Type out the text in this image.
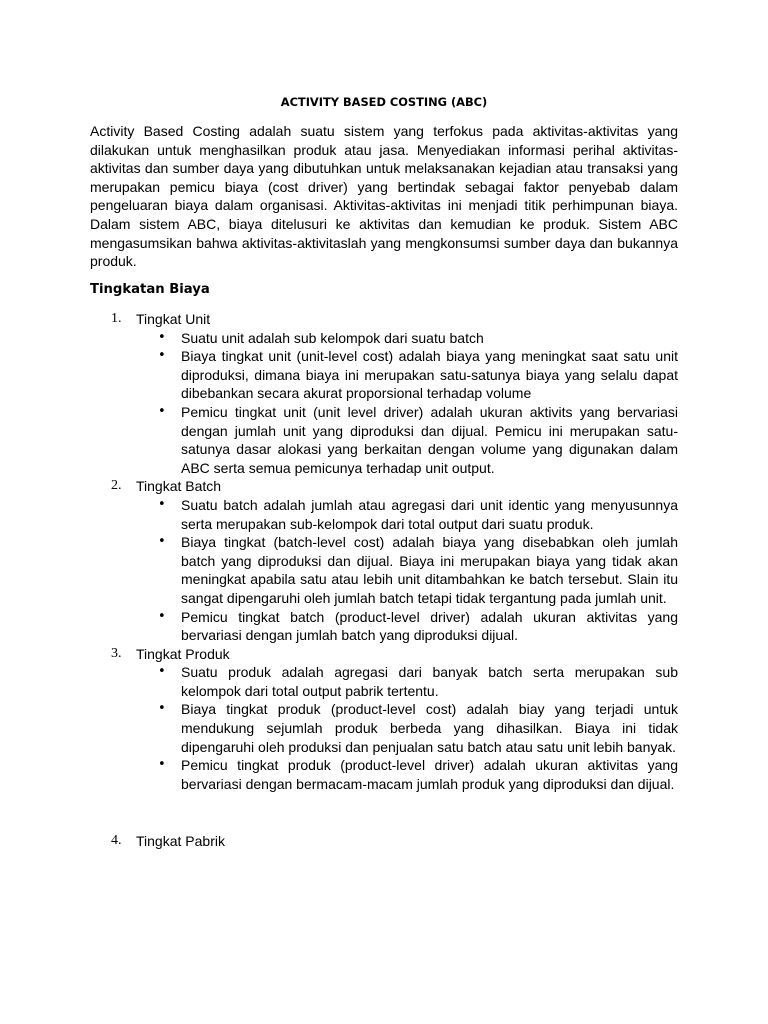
ACTIVITY BASED COSTING (ABC)

Activity Based Costing adalah suatu sistem yang terfokus pada aktivitas-aktivitas yang dilakukan untuk menghasilkan produk atau jasa. Menyediakan informasi perihal aktivitas-aktivitas dan sumber daya yang dibutuhkan untuk melaksanakan kejadian atau transaksi yang merupakan pemicu biaya (cost driver) yang bertindak sebagai faktor penyebab dalam pengeluaran biaya dalam organisasi. Aktivitas-aktivitas ini menjadi titik perhimpunan biaya. Dalam sistem ABC, biaya ditelusuri ke aktivitas dan kemudian ke produk. Sistem ABC mengasumsikan bahwa aktivitas-aktivitaslah yang mengkonsumsi sumber daya dan bukannya produk.

Tingkatan Biaya
1. Tingkat Unit
• Suatu unit adalah sub kelompok dari suatu batch
• Biaya tingkat unit (unit-level cost) adalah biaya yang meningkat saat satu unit diproduksi, dimana biaya ini merupakan satu-satunya biaya yang selalu dapat dibebankan secara akurat proporsional terhadap volume
• Pemicu tingkat unit (unit level driver) adalah ukuran aktivits yang bervariasi dengan jumlah unit yang diproduksi dan dijual. Pemicu ini merupakan satu-satunya dasar alokasi yang berkaitan dengan volume yang digunakan dalam ABC serta semua pemicunya terhadap unit output.
2. Tingkat Batch
• Suatu batch adalah jumlah atau agregasi dari unit identic yang menyusunnya serta merupakan sub-kelompok dari total output dari suatu produk.
• Biaya tingkat (batch-level cost) adalah biaya yang disebabkan oleh jumlah batch yang diproduksi dan dijual. Biaya ini merupakan biaya yang tidak akan meningkat apabila satu atau lebih unit ditambahkan ke batch tersebut. Slain itu sangat dipengaruhi oleh jumlah batch tetapi tidak tergantung pada jumlah unit.
• Pemicu tingkat batch (product-level driver) adalah ukuran aktivitas yang bervariasi dengan jumlah batch yang diproduksi dijual.
3. Tingkat Produk
• Suatu produk adalah agregasi dari banyak batch serta merupakan sub kelompok dari total output pabrik tertentu.
• Biaya tingkat produk (product-level cost) adalah biay yang terjadi untuk mendukung sejumlah produk berbeda yang dihasilkan. Biaya ini tidak dipengaruhi oleh produksi dan penjualan satu batch atau satu unit lebih banyak.
• Pemicu tingkat produk (product-level driver) adalah ukuran aktivitas yang bervariasi dengan bermacam-macam jumlah produk yang diproduksi dan dijual.
4. Tingkat Pabrik
